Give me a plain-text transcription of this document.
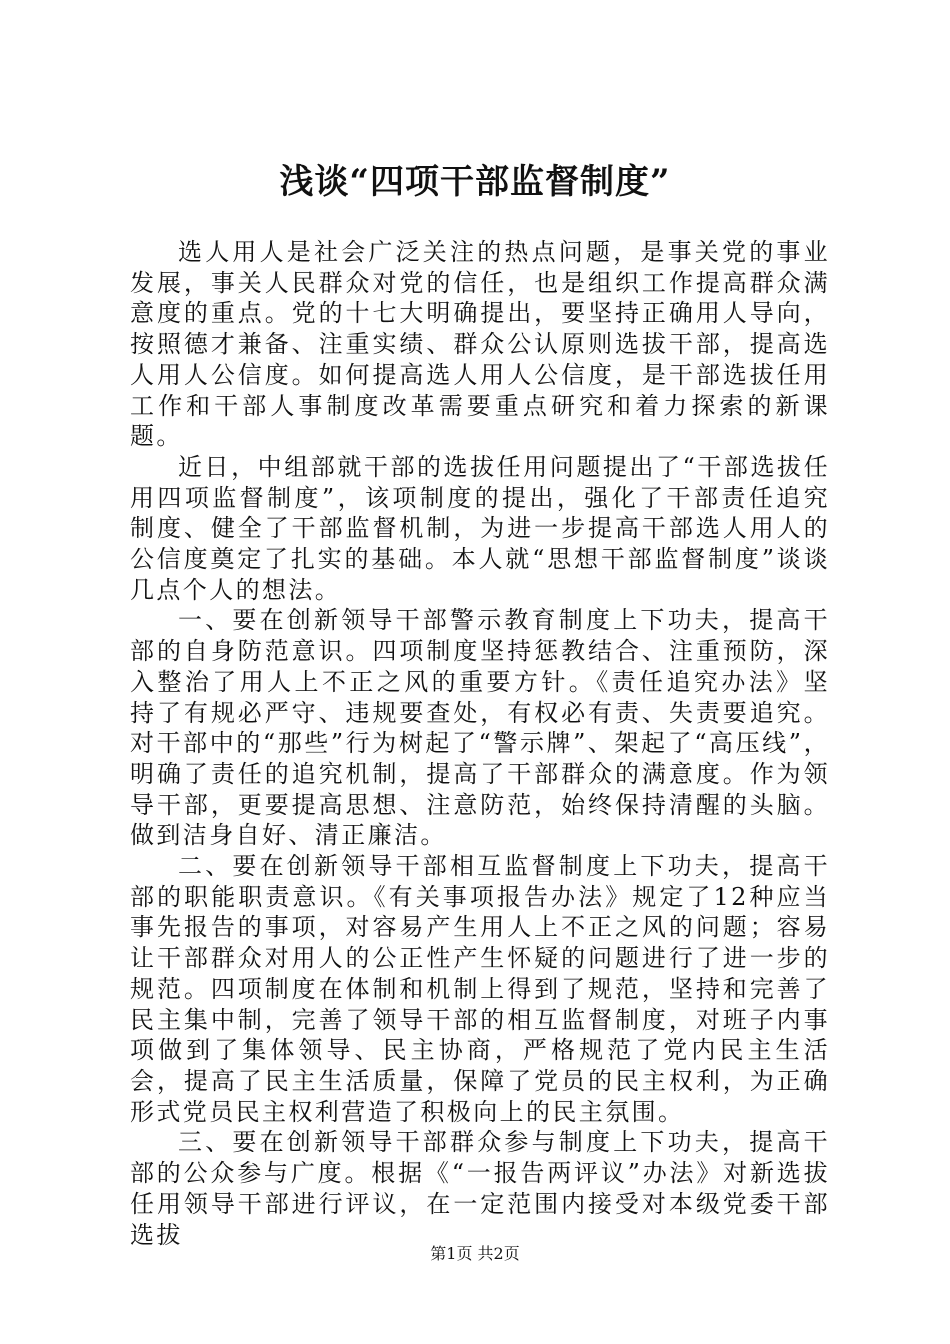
浅谈“四项干部监督制度”

选人用人是社会广泛关注的热点问题，是事关党的事业发展，事关人民群众对党的信任，也是组织工作提高群众满意度的重点。党的十七大明确提出，要坚持正确用人导向，按照德才兼备、注重实绩、群众公认原则选拔干部，提高选人用人公信度。如何提高选人用人公信度，是干部选拔任用工作和干部人事制度改革需要重点研究和着力探索的新课题。

近日，中组部就干部的选拔任用问题提出了“干部选拔任用四项监督制度”，该项制度的提出，强化了干部责任追究制度、健全了干部监督机制，为进一步提高干部选人用人的公信度奠定了扎实的基础。本人就“思想干部监督制度”谈谈几点个人的想法。

一、要在创新领导干部警示教育制度上下功夫，提高干部的自身防范意识。四项制度坚持惩教结合、注重预防，深入整治了用人上不正之风的重要方针。《责任追究办法》坚持了有规必严守、违规要查处，有权必有责、失责要追究。对干部中的“那些”行为树起了“警示牌”、架起了“高压线”，明确了责任的追究机制，提高了干部群众的满意度。作为领导干部，更要提高思想、注意防范，始终保持清醒的头脑。做到洁身自好、清正廉洁。

二、要在创新领导干部相互监督制度上下功夫，提高干部的职能职责意识。《有关事项报告办法》规定了12种应当事先报告的事项，对容易产生用人上不正之风的问题；容易让干部群众对用人的公正性产生怀疑的问题进行了进一步的规范。四项制度在体制和机制上得到了规范，坚持和完善了民主集中制，完善了领导干部的相互监督制度，对班子内事项做到了集体领导、民主协商，严格规范了党内民主生活会，提高了民主生活质量，保障了党员的民主权利，为正确形式党员民主权利营造了积极向上的民主氛围。

三、要在创新领导干部群众参与制度上下功夫，提高干部的公众参与广度。根据《“一报告两评议”办法》对新选拔任用领导干部进行评议，在一定范围内接受对本级党委干部选拔

第1页 共2页
